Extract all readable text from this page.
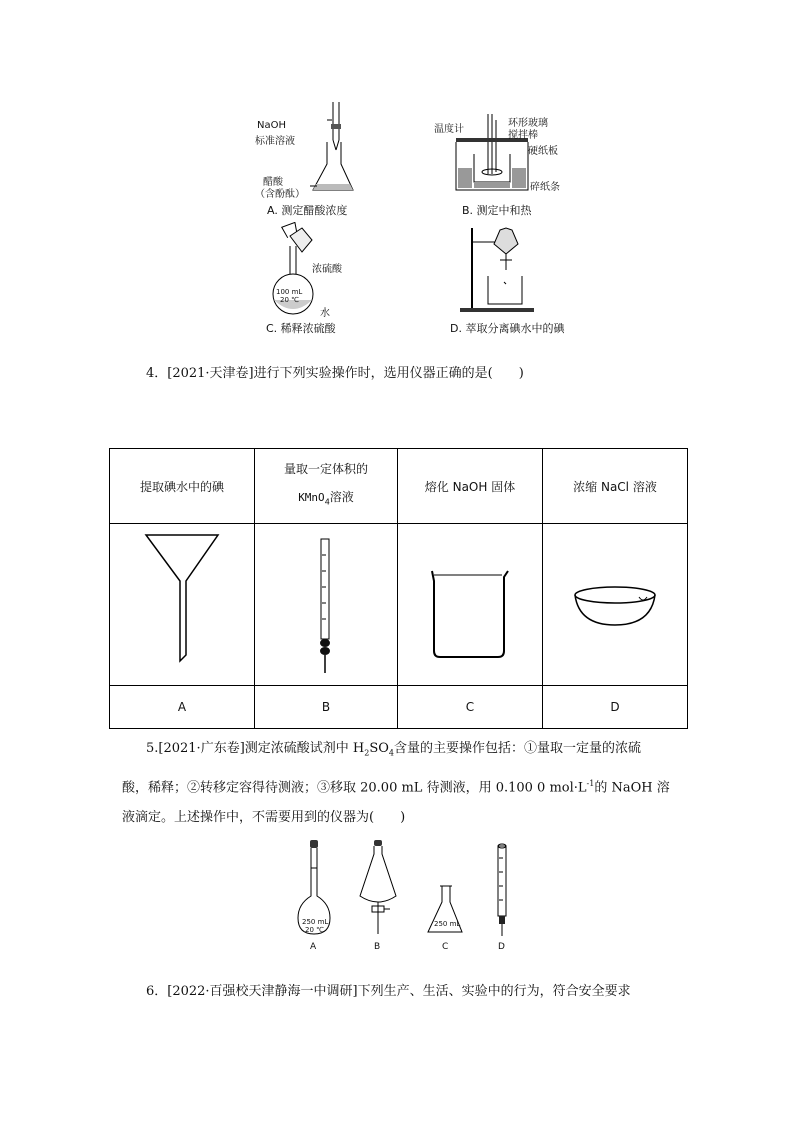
NaOH
标准溶液
醋酸
（含酚酞）
A. 测定醋酸浓度
温度计
环形玻璃
搅拌棒
硬纸板
碎纸条
B. 测定中和热
浓硫酸
100 mL
20 ℃
水
C. 稀释浓硫酸	D. 萃取分离碘水中的碘
4．[2021·天津卷]进行下列实验操作时，选用仪器正确的是(　　)
提取碘水中的碘	量取一定体积的
KMnO$_4$溶液	熔化 NaOH 固体	浓缩 NaCl 溶液

A	B	C	D
5.[2021·广东卷]测定浓硫酸试剂中 $H_2SO_4$含量的主要操作包括：①量取一定量的浓硫
酸，稀释；②转移定容得待测液；③移取 20.00 mL 待测液，用 0.100 0 $mol\cdot L^{-1}$的 NaOH 溶
液滴定。上述操作中，不需要用到的仪器为(　　)
250 mL
20 ℃
250 mL
A	B	C	D
6．[2022·百强校天津静海一中调研]下列生产、生活、实验中的行为，符合安全要求
